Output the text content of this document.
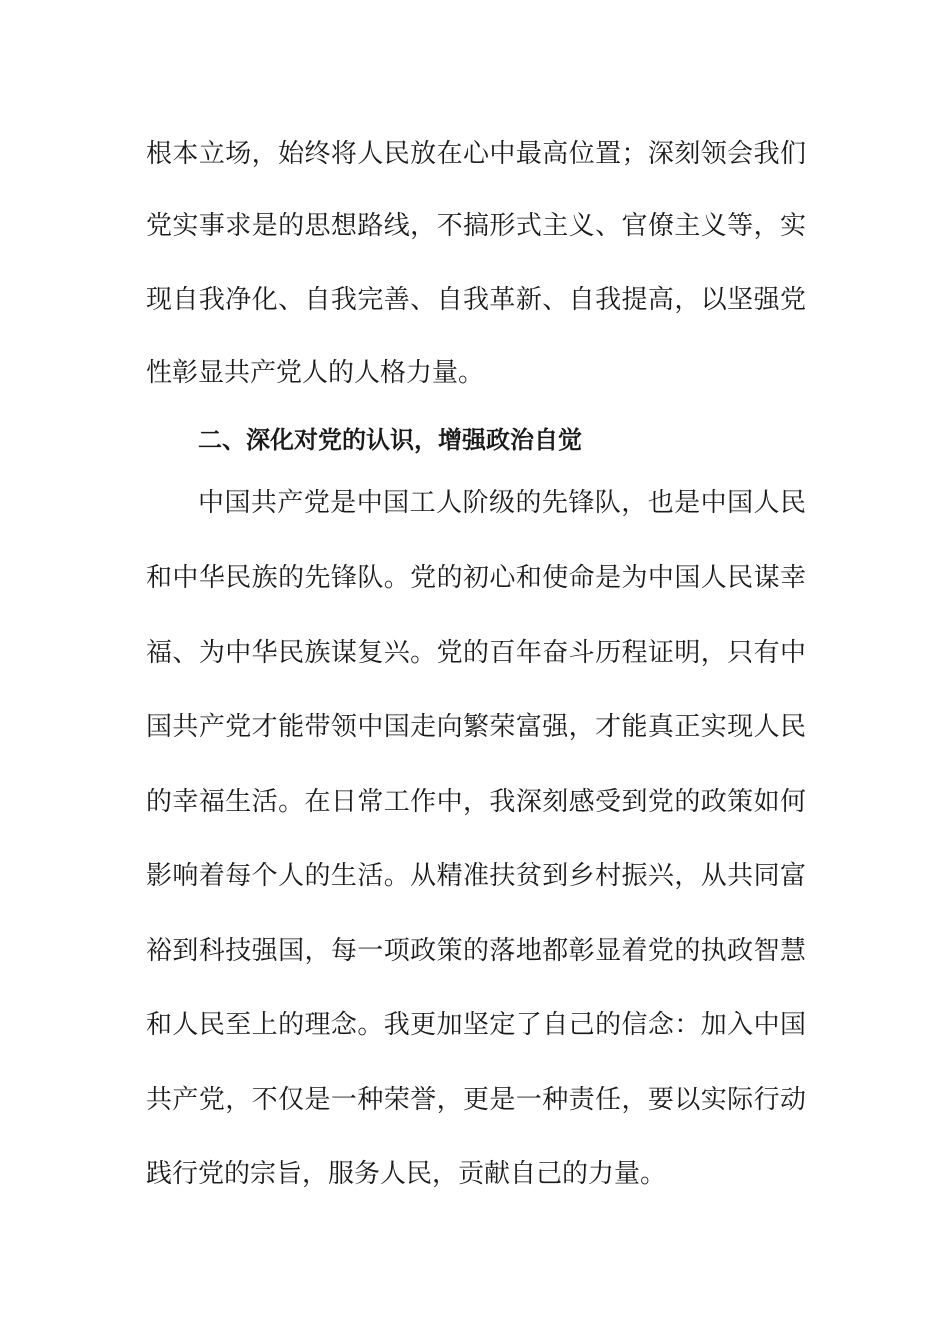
根本立场，始终将人民放在心中最高位置；深刻领会我们

党实事求是的思想路线，不搞形式主义、官僚主义等，实

现自我净化、自我完善、自我革新、自我提高，以坚强党

性彰显共产党人的人格力量。

二、深化对党的认识，增强政治自觉

中国共产党是中国工人阶级的先锋队，也是中国人民

和中华民族的先锋队。党的初心和使命是为中国人民谋幸

福、为中华民族谋复兴。党的百年奋斗历程证明，只有中

国共产党才能带领中国走向繁荣富强，才能真正实现人民

的幸福生活。在日常工作中，我深刻感受到党的政策如何

影响着每个人的生活。从精准扶贫到乡村振兴，从共同富

裕到科技强国，每一项政策的落地都彰显着党的执政智慧

和人民至上的理念。我更加坚定了自己的信念：加入中国

共产党，不仅是一种荣誉，更是一种责任，要以实际行动

践行党的宗旨，服务人民，贡献自己的力量。
